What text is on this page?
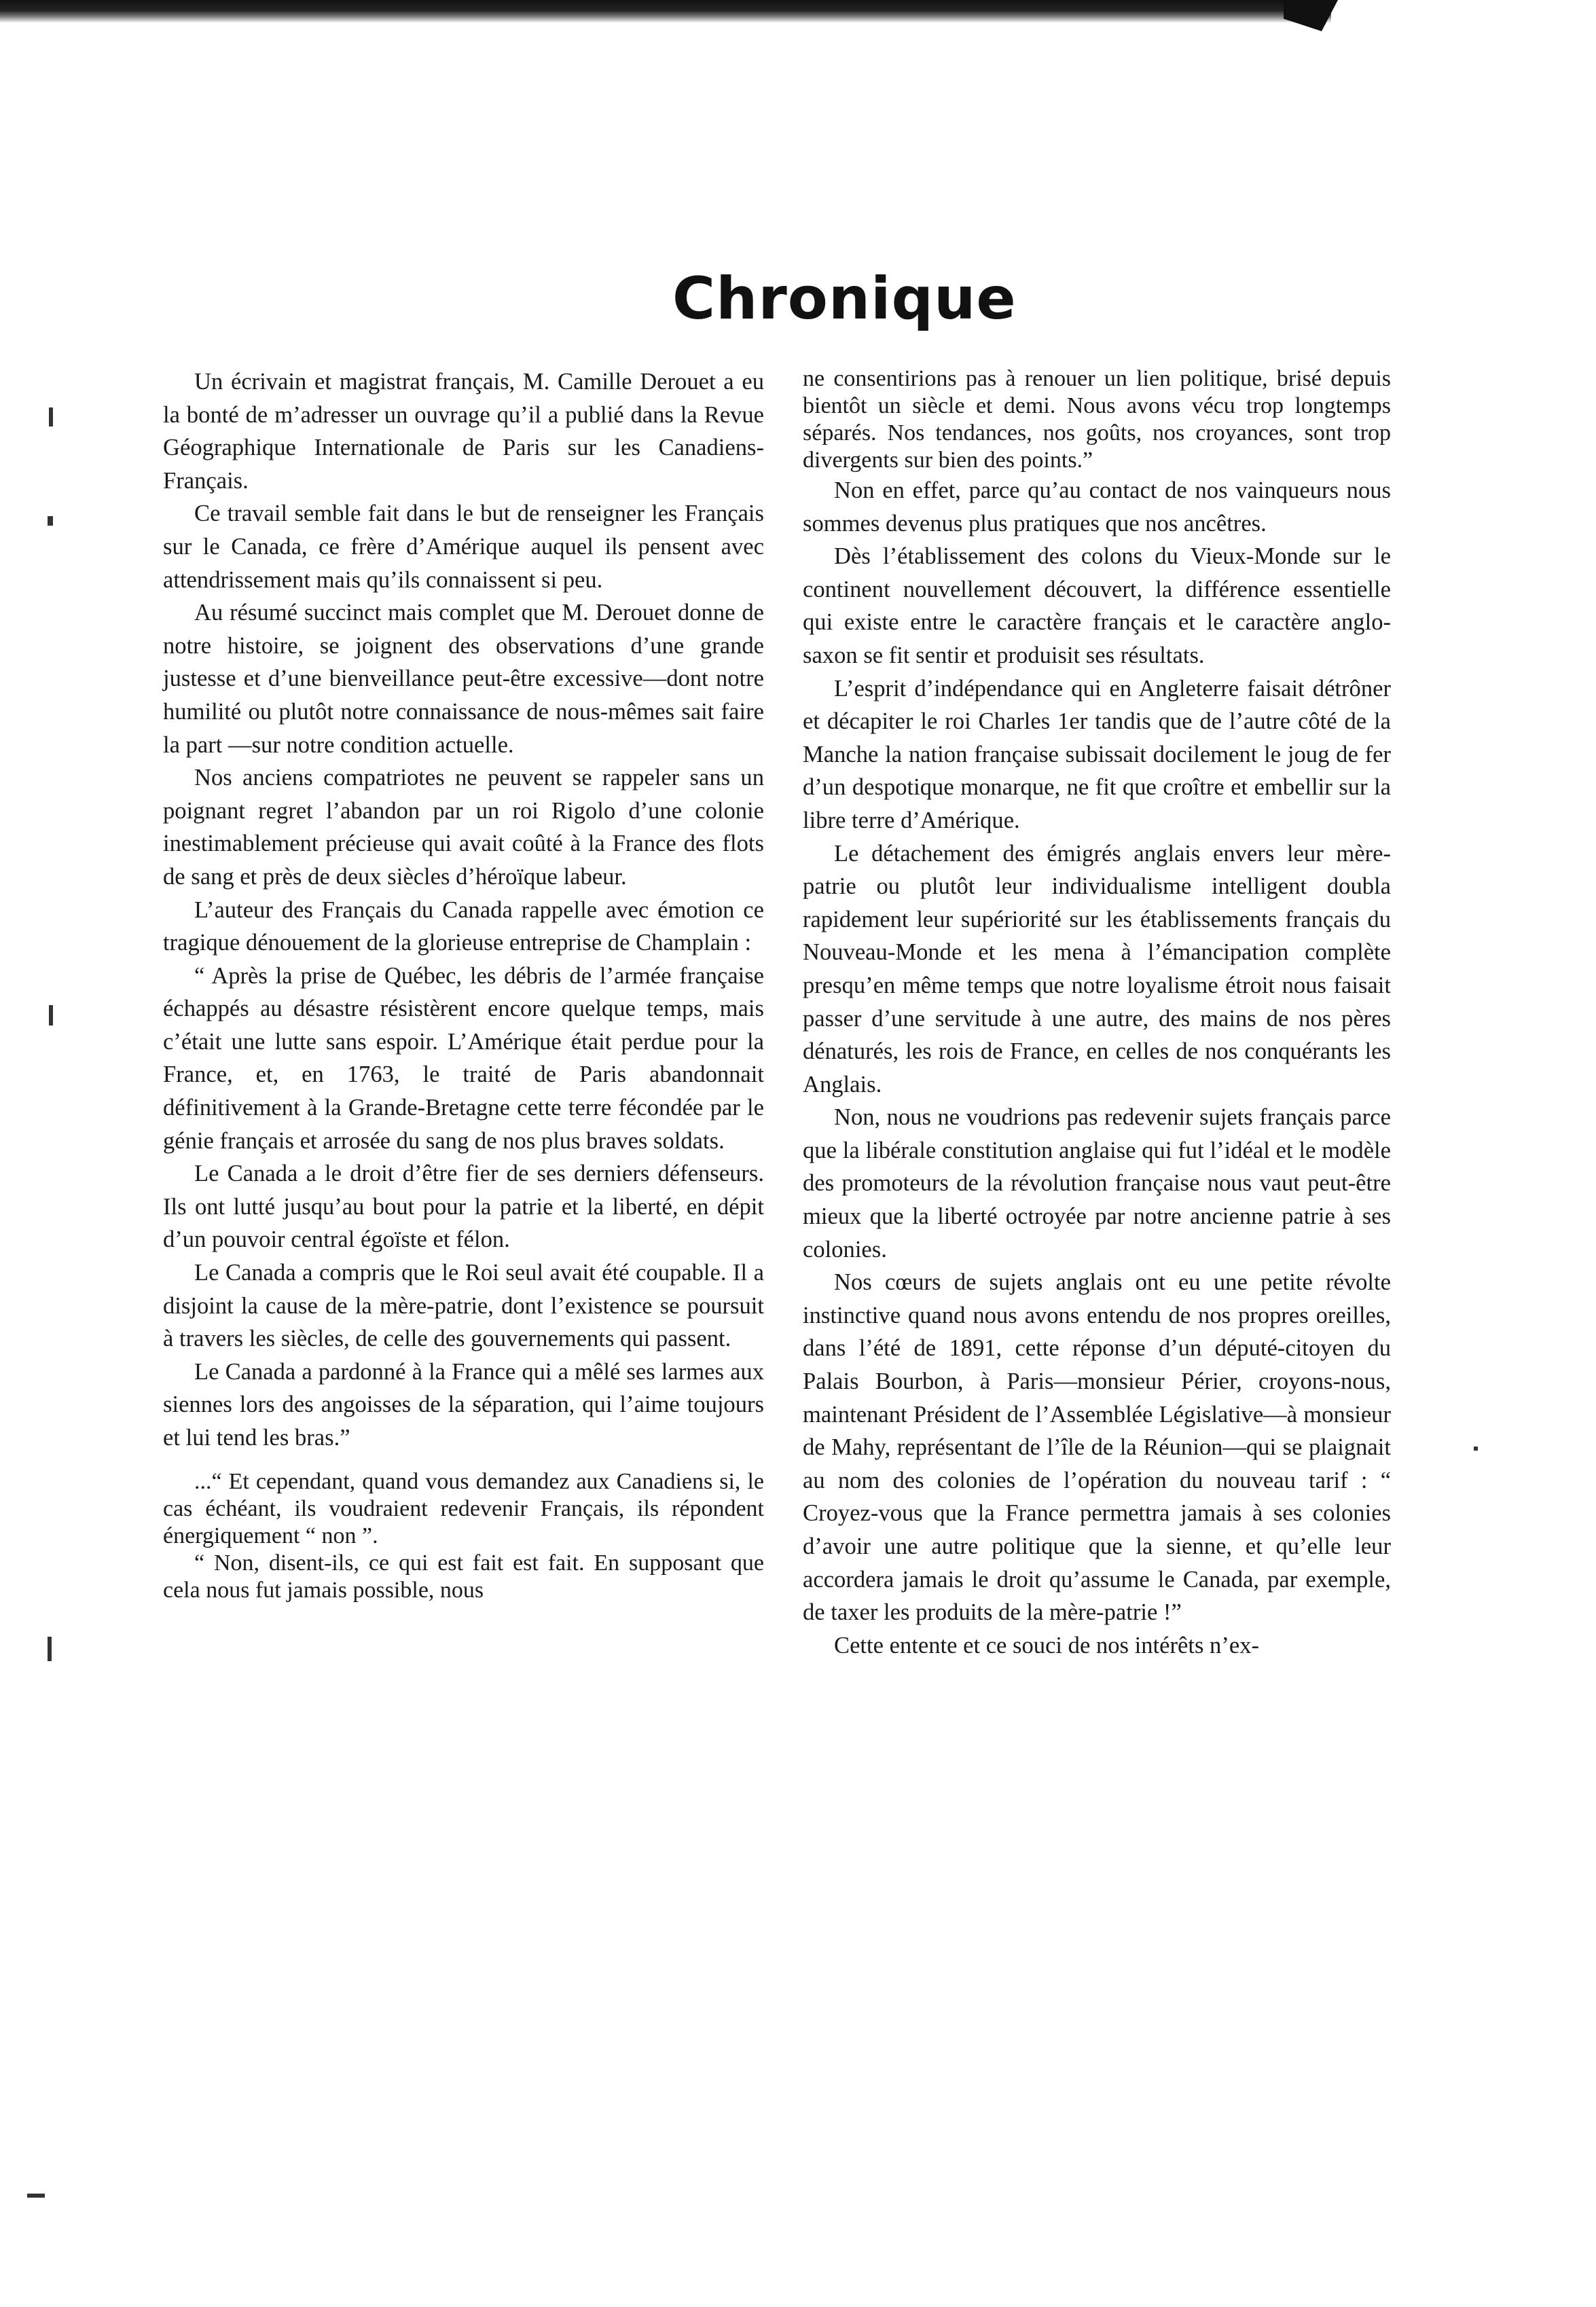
Chronique

Un écrivain et magistrat français, M. Camille Derouet a eu la bonté de m’adresser un ouvrage qu’il a publié dans la Revue Géographique Internationale de Paris sur les Canadiens-Français.

Ce travail semble fait dans le but de renseigner les Français sur le Canada, ce frère d’Amérique auquel ils pensent avec attendrissement mais qu’ils connaissent si peu.

Au résumé succinct mais complet que M. Derouet donne de notre histoire, se joignent des observations d’une grande justesse et d’une bienveillance peut-être excessive—dont notre humilité ou plutôt notre connaissance de nous-mêmes sait faire la part —sur notre condition actuelle.

Nos anciens compatriotes ne peuvent se rappeler sans un poignant regret l’abandon par un roi Rigolo d’une colonie inestimablement précieuse qui avait coûté à la France des flots de sang et près de deux siècles d’héroïque labeur.

L’auteur des Français du Canada rappelle avec émotion ce tragique dénouement de la glorieuse entreprise de Champlain :

“ Après la prise de Québec, les débris de l’armée française échappés au désastre résistèrent encore quelque temps, mais c’était une lutte sans espoir. L’Amérique était perdue pour la France, et, en 1763, le traité de Paris abandonnait définitivement à la Grande-Bretagne cette terre fécondée par le génie français et arrosée du sang de nos plus braves soldats.

Le Canada a le droit d’être fier de ses derniers défenseurs. Ils ont lutté jusqu’au bout pour la patrie et la liberté, en dépit d’un pouvoir central égoïste et félon.

Le Canada a compris que le Roi seul avait été coupable. Il a disjoint la cause de la mère-patrie, dont l’existence se poursuit à travers les siècles, de celle des gouvernements qui passent.

Le Canada a pardonné à la France qui a mêlé ses larmes aux siennes lors des angoisses de la séparation, qui l’aime toujours et lui tend les bras.”

...“ Et cependant, quand vous demandez aux Canadiens si, le cas échéant, ils voudraient redevenir Français, ils répondent énergiquement “ non ”.

“ Non, disent-ils, ce qui est fait est fait. En supposant que cela nous fut jamais possible, nous

ne consentirions pas à renouer un lien politique, brisé depuis bientôt un siècle et demi. Nous avons vécu trop longtemps séparés. Nos tendances, nos goûts, nos croyances, sont trop divergents sur bien des points.”

Non en effet, parce qu’au contact de nos vainqueurs nous sommes devenus plus pratiques que nos ancêtres.

Dès l’établissement des colons du Vieux-Monde sur le continent nouvellement découvert, la différence essentielle qui existe entre le caractère français et le caractère anglo-saxon se fit sentir et produisit ses résultats.

L’esprit d’indépendance qui en Angleterre faisait détrôner et décapiter le roi Charles 1er tandis que de l’autre côté de la Manche la nation française subissait docilement le joug de fer d’un despotique monarque, ne fit que croître et embellir sur la libre terre d’Amérique.

Le détachement des émigrés anglais envers leur mère-patrie ou plutôt leur individualisme intelligent doubla rapidement leur supériorité sur les établissements français du Nouveau-Monde et les mena à l’émancipation complète presqu’en même temps que notre loyalisme étroit nous faisait passer d’une servitude à une autre, des mains de nos pères dénaturés, les rois de France, en celles de nos conquérants les Anglais.

Non, nous ne voudrions pas redevenir sujets français parce que la libérale constitution anglaise qui fut l’idéal et le modèle des promoteurs de la révolution française nous vaut peut-être mieux que la liberté octroyée par notre ancienne patrie à ses colonies.

Nos cœurs de sujets anglais ont eu une petite révolte instinctive quand nous avons entendu de nos propres oreilles, dans l’été de 1891, cette réponse d’un député-citoyen du Palais Bourbon, à Paris—monsieur Périer, croyons-nous, maintenant Président de l’Assemblée Législative—à monsieur de Mahy, représentant de l’île de la Réunion—qui se plaignait au nom des colonies de l’opération du nouveau tarif : “ Croyez-vous que la France permettra jamais à ses colonies d’avoir une autre politique que la sienne, et qu’elle leur accordera jamais le droit qu’assume le Canada, par exemple, de taxer les produits de la mère-patrie !”

Cette entente et ce souci de nos intérêts n’ex-
